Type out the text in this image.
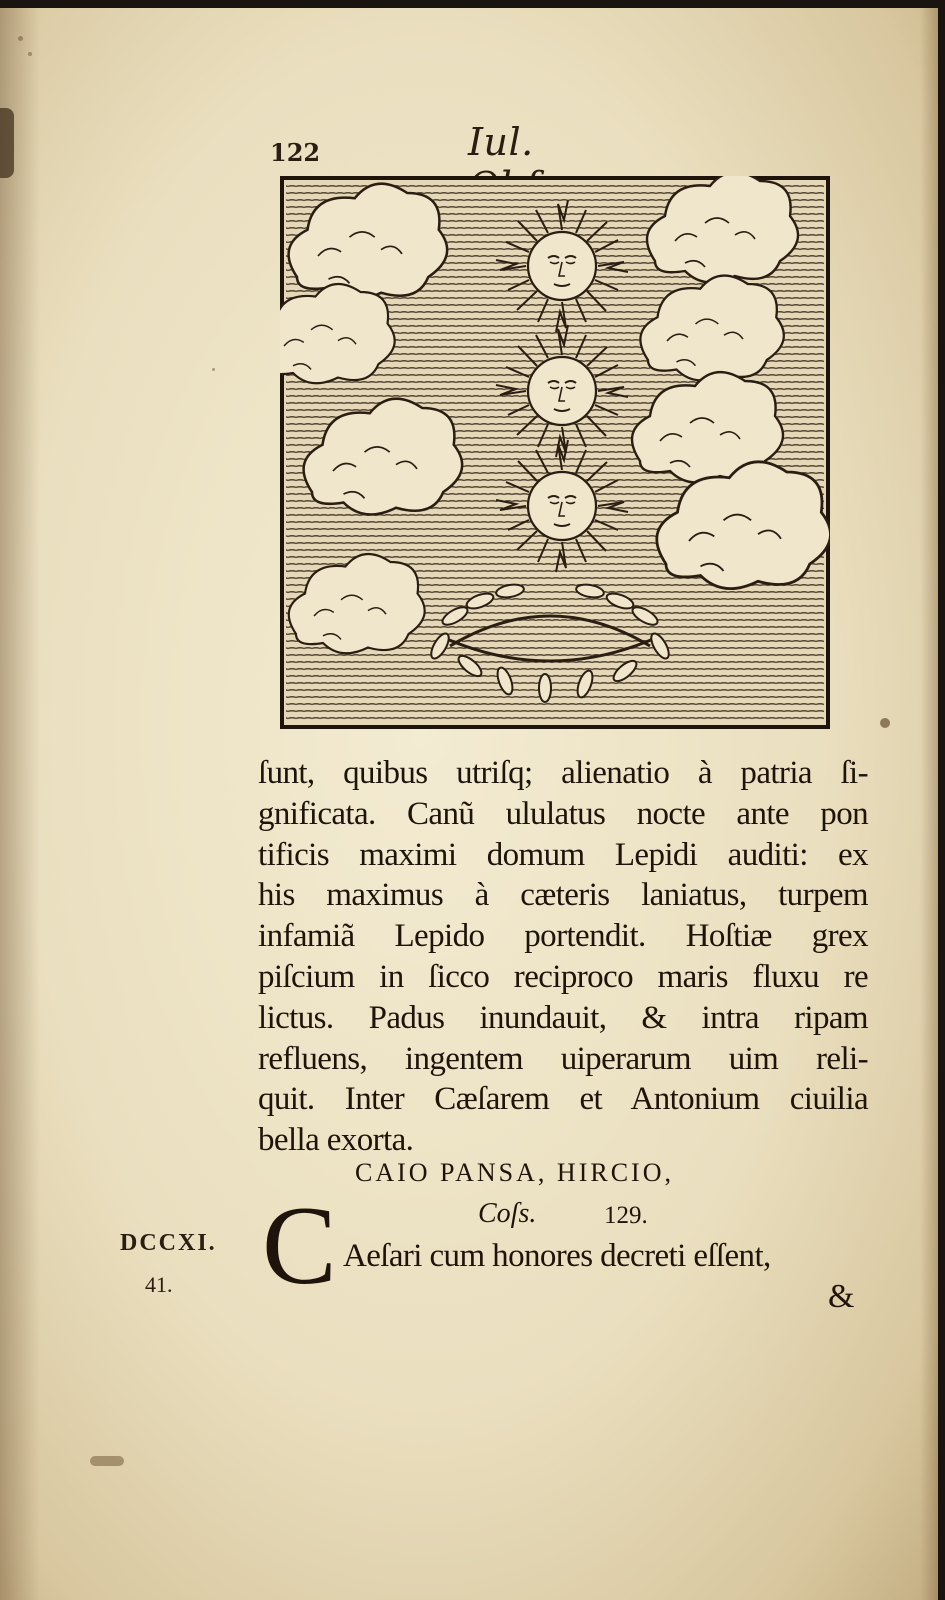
122	Iul.
ſunt, quibus utriſq; alienatio à patria ſi-
gnificata. Canũ ululatus nocte ante pon
tificis maximi domum Lepidi auditi: ex
his maximus à cæteris laniatus, turpem
infamiã Lepido portendit. Hoſtiæ grex
piſcium in ſicco reciproco maris fluxu re
lictus. Padus inundauit, & intra ripam
refluens, ingentem uiperarum uim reli-
quit. Inter Cæſarem et Antonium ciuilia
bella exorta.
CAIO PANSA, HIRCIO,
Coſs.	129.
DCCXI.
41. C Aeſari cum honores decreti eſſent,
&
